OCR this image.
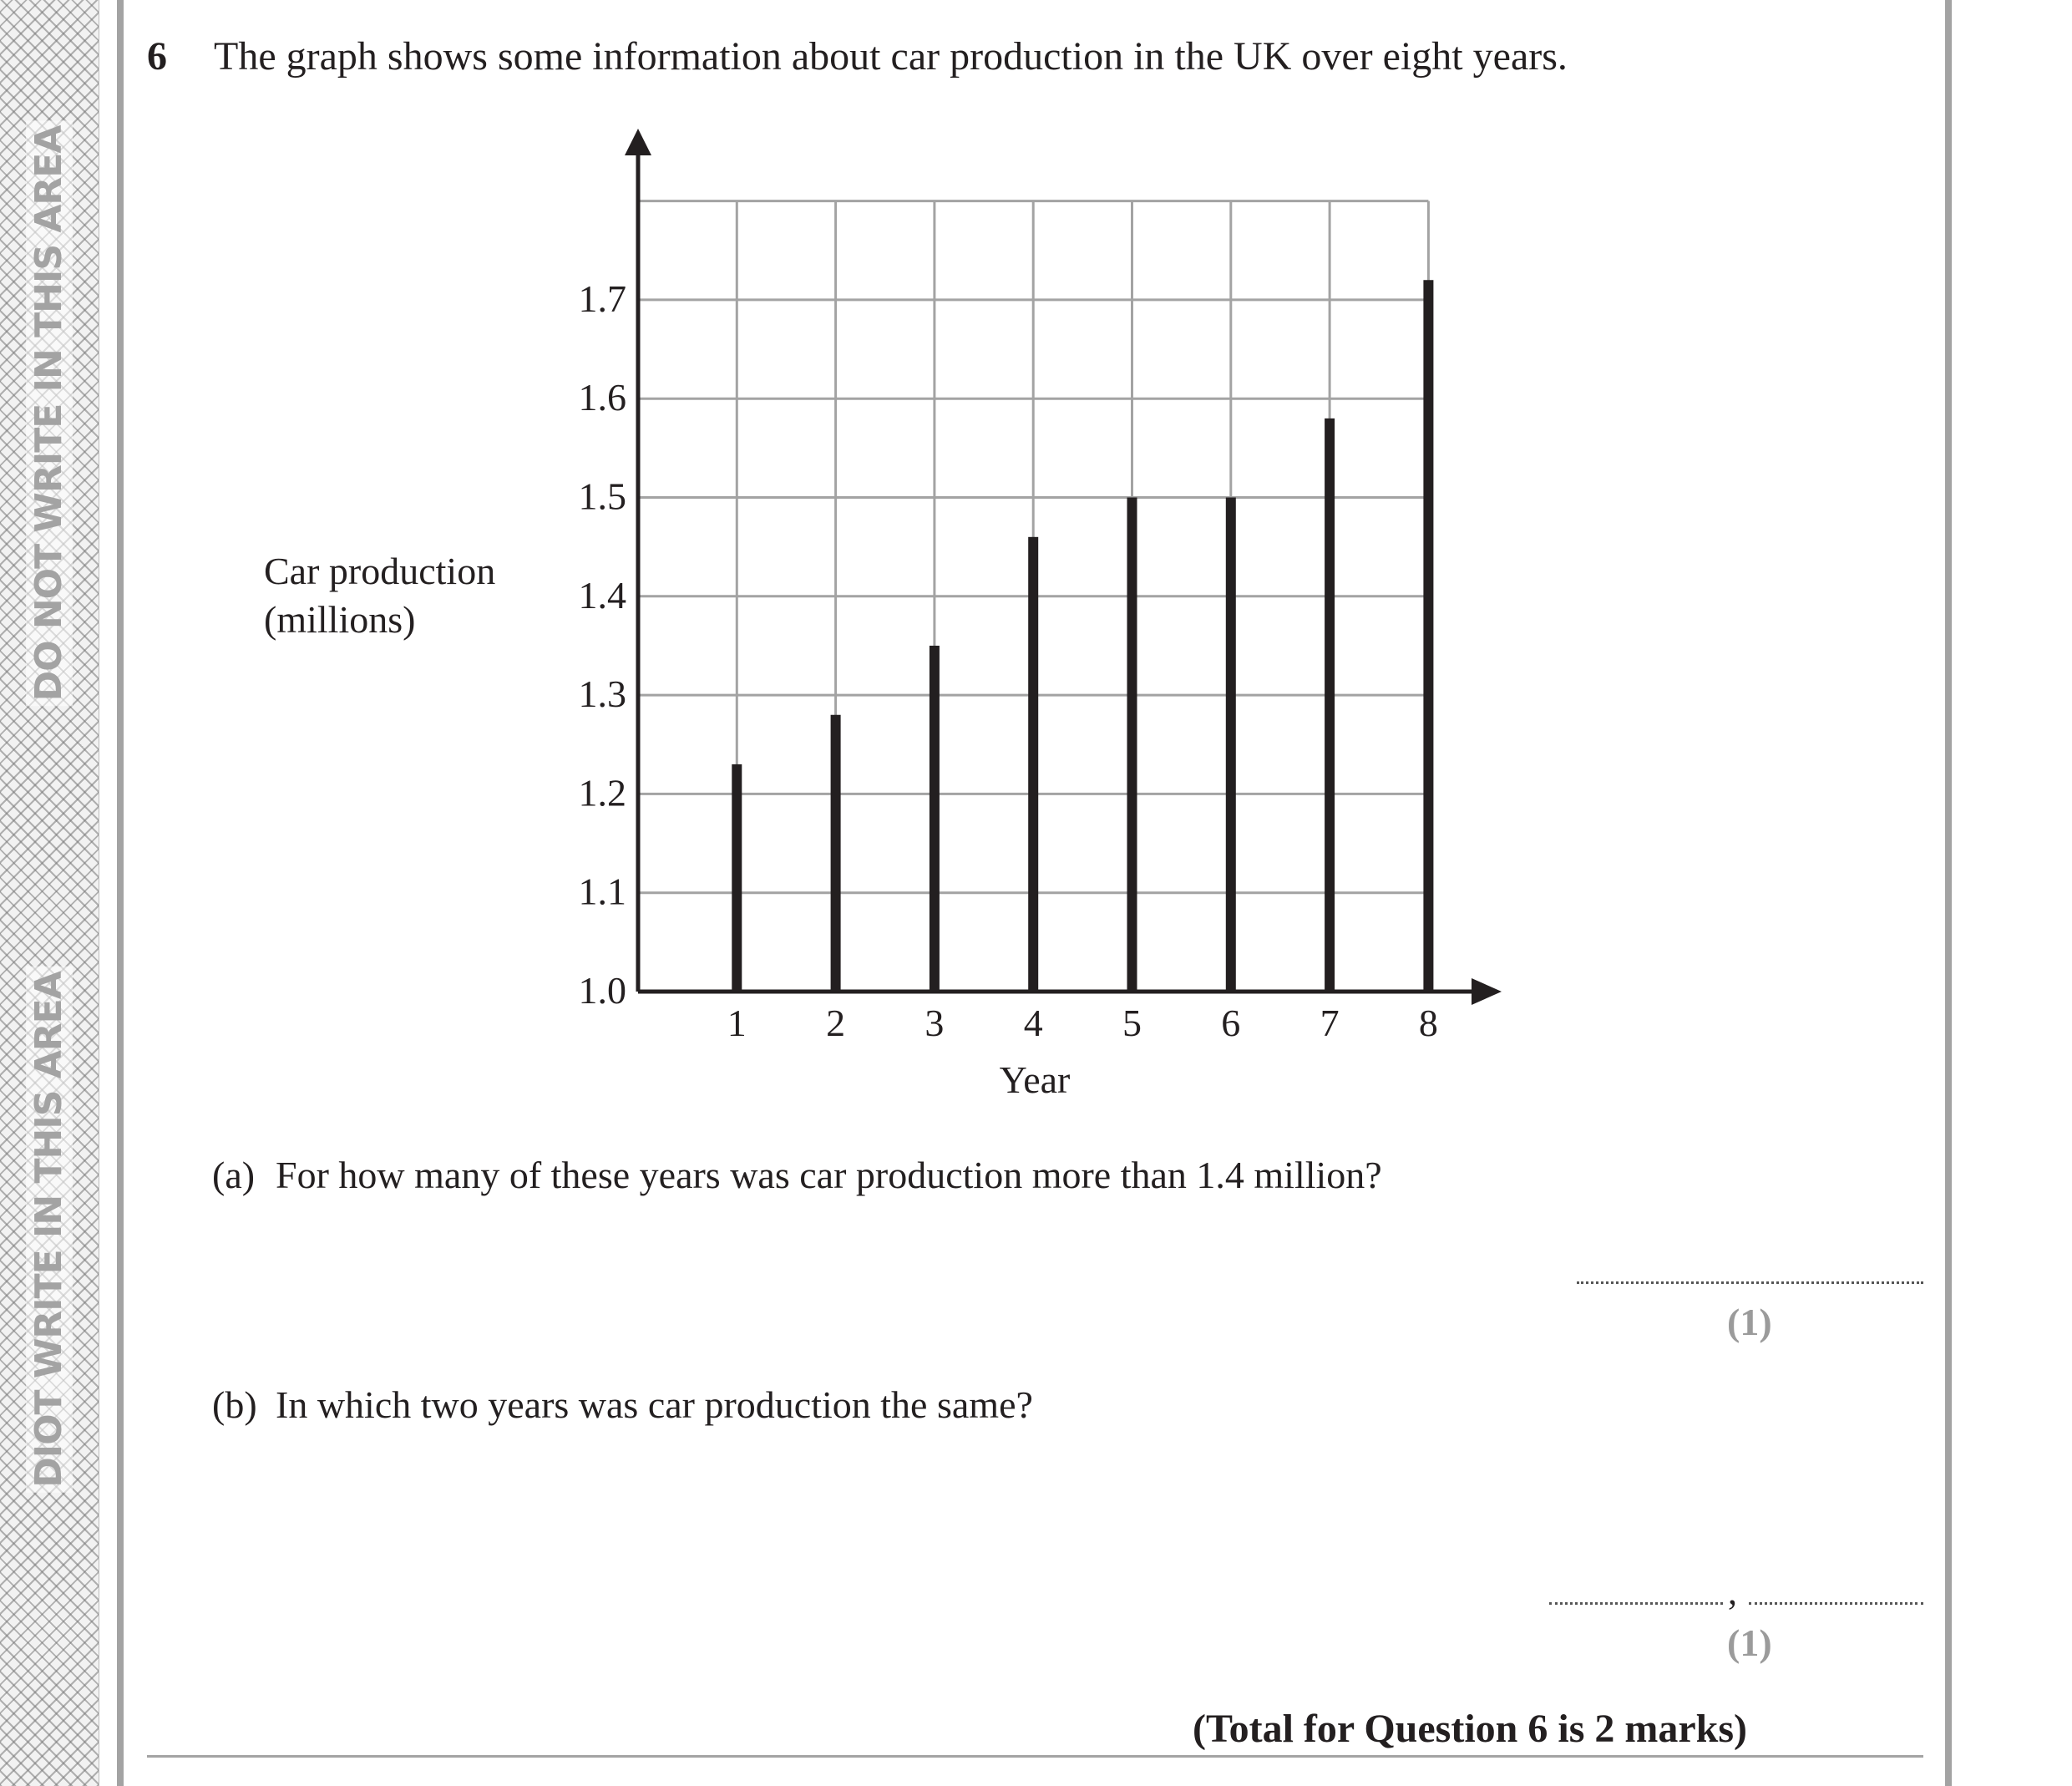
DO NOT WRITE IN THIS AREA
DIOT WRITE IN THIS AREA
6 The graph shows some information about car production in the UK over eight years.
Car production
(millions)
1.0
1.1
1.2
1.3
1.4
1.5
1.6
1.7
1 2 3 4 5 6 7 8
Year
(a) For how many of these years was car production more than 1.4 million?
(1)
(b) In which two years was car production the same?
,
(1)
(Total for Question 6 is 2 marks)
